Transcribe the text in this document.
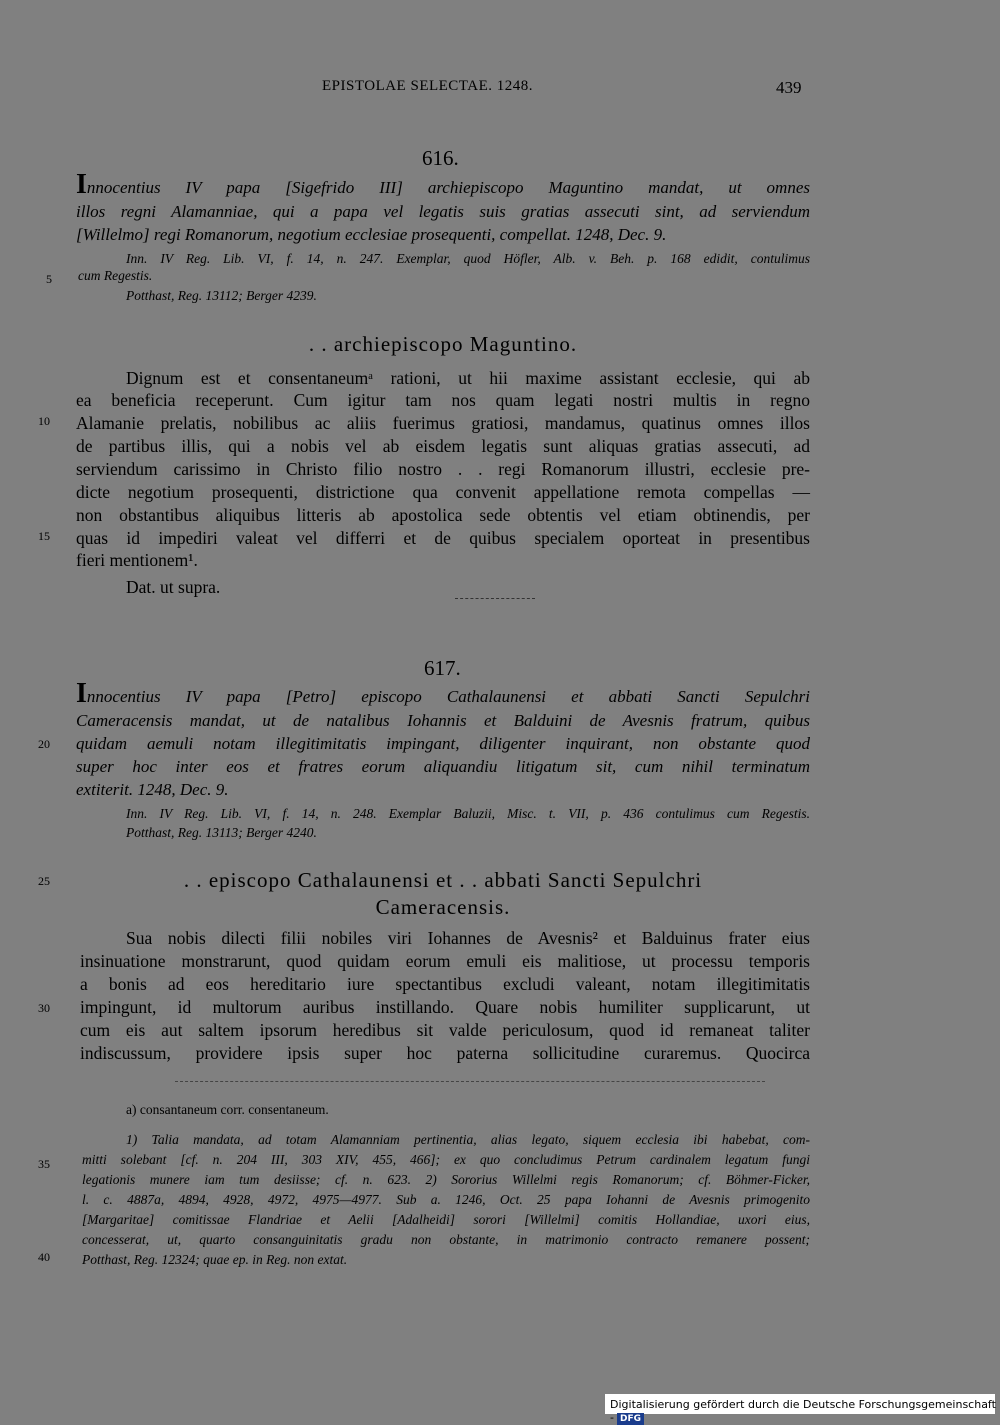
EPISTOLAE SELECTAE. 1248.	439
616.
Innocentius IV papa [Sigefrido III] archiepiscopo Maguntino mandat, ut omnes
illos regni Alamanniae, qui a papa vel legatis suis gratias assecuti sint, ad serviendum
[Willelmo] regi Romanorum, negotium ecclesiae prosequenti, compellat. 1248, Dec. 9.
Inn. IV Reg. Lib. VI, f. 14, n. 247. Exemplar, quod Höfler, Alb. v. Beh. p. 168 edidit, contulimus
cum Regestis.
Potthast, Reg. 13112; Berger 4239.
. . archiepiscopo Maguntino.
Dignum est et consentaneumᵃ rationi, ut hii maxime assistant ecclesie, qui ab
ea beneficia receperunt. Cum igitur tam nos quam legati nostri multis in regno
Alamanie prelatis, nobilibus ac aliis fuerimus gratiosi, mandamus, quatinus omnes illos
de partibus illis, qui a nobis vel ab eisdem legatis sunt aliquas gratias assecuti, ad
serviendum carissimo in Christo filio nostro . . regi Romanorum illustri, ecclesie pre-
dicte negotium prosequenti, districtione qua convenit appellatione remota compellas —
non obstantibus aliquibus litteris ab apostolica sede obtentis vel etiam obtinendis, per
quas id impediri valeat vel differri et de quibus specialem oporteat in presentibus
fieri mentionem¹.
Dat. ut supra.
617.
Innocentius IV papa [Petro] episcopo Cathalaunensi et abbati Sancti Sepulchri
Cameracensis mandat, ut de natalibus Iohannis et Balduini de Avesnis fratrum, quibus
quidam aemuli notam illegitimitatis impingant, diligenter inquirant, non obstante quod
super hoc inter eos et fratres eorum aliquandiu litigatum sit, cum nihil terminatum
extiterit. 1248, Dec. 9.
Inn. IV Reg. Lib. VI, f. 14, n. 248. Exemplar Baluzii, Misc. t. VII, p. 436 contulimus cum Regestis.
Potthast, Reg. 13113; Berger 4240.
. . episcopo Cathalaunensi et . . abbati Sancti Sepulchri
Cameracensis.
Sua nobis dilecti filii nobiles viri Iohannes de Avesnis² et Balduinus frater eius
insinuatione monstrarunt, quod quidam eorum emuli eis malitiose, ut processu temporis
a bonis ad eos hereditario iure spectantibus excludi valeant, notam illegitimitatis
impingunt, id multorum auribus instillando. Quare nobis humiliter supplicarunt, ut
cum eis aut saltem ipsorum heredibus sit valde periculosum, quod id remaneat taliter
indiscussum, providere ipsis super hoc paterna sollicitudine curaremus. Quocirca
5
10
15
20
25
30
35
40
a) consantaneum corr. consentaneum.
1) Talia mandata, ad totam Alamanniam pertinentia, alias legato, siquem ecclesia ibi habebat, com-
mitti solebant [cf. n. 204 III, 303 XIV, 455, 466]; ex quo concludimus Petrum cardinalem legatum fungi
legationis munere iam tum desiisse; cf. n. 623. 2) Sororius Willelmi regis Romanorum; cf. Böhmer-Ficker,
l. c. 4887a, 4894, 4928, 4972, 4975—4977. Sub a. 1246, Oct. 25 papa Iohanni de Avesnis primogenito
[Margaritae] comitissae Flandriae et Aelii [Adalheidi] sorori [Willelmi] comitis Hollandiae, uxori eius,
concesserat, ut, quarto consanguinitatis gradu non obstante, in matrimonio contracto remanere possent;
Potthast, Reg. 12324; quae ep. in Reg. non extat.
Digitalisierung gefördert durch die Deutsche Forschungsgemeinschaft - DFG
